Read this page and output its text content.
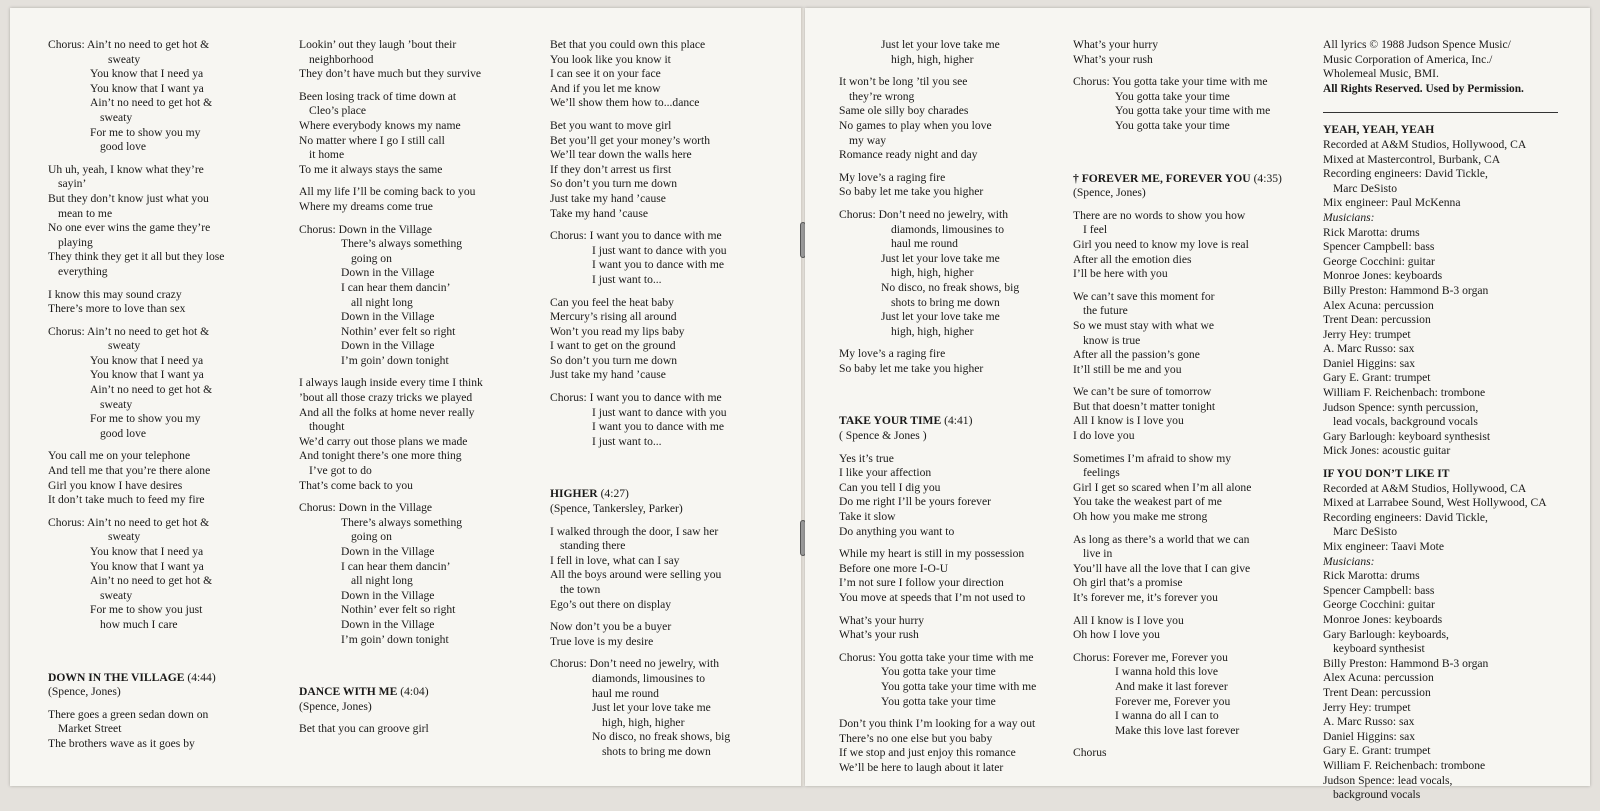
Chorus: Ain’t no need to get hot &
sweaty
You know that I need ya
You know that I want ya
Ain’t no need to get hot &
sweaty
For me to show you my
good love
Uh uh, yeah, I know what they’re
sayin’
But they don’t know just what you
mean to me
No one ever wins the game they’re
playing
They think they get it all but they lose
everything
I know this may sound crazy
There’s more to love than sex
Chorus: Ain’t no need to get hot &
sweaty
You know that I need ya
You know that I want ya
Ain’t no need to get hot &
sweaty
For me to show you my
good love
You call me on your telephone
And tell me that you’re there alone
Girl you know I have desires
It don’t take much to feed my fire
Chorus: Ain’t no need to get hot &
sweaty
You know that I need ya
You know that I want ya
Ain’t no need to get hot &
sweaty
For me to show you just
how much I care
DOWN IN THE VILLAGE (4:44)
(Spence, Jones)
There goes a green sedan down on
Market Street
The brothers wave as it goes by
Lookin’ out they laugh ’bout their
neighborhood
They don’t have much but they survive
Been losing track of time down at
Cleo’s place
Where everybody knows my name
No matter where I go I still call
it home
To me it always stays the same
All my life I’ll be coming back to you
Where my dreams come true
Chorus: Down in the Village
There’s always something
going on
Down in the Village
I can hear them dancin’
all night long
Down in the Village
Nothin’ ever felt so right
Down in the Village
I’m goin’ down tonight
I always laugh inside every time I think
’bout all those crazy tricks we played
And all the folks at home never really
thought
We’d carry out those plans we made
And tonight there’s one more thing
I’ve got to do
That’s come back to you
Chorus: Down in the Village
There’s always something
going on
Down in the Village
I can hear them dancin’
all night long
Down in the Village
Nothin’ ever felt so right
Down in the Village
I’m goin’ down tonight
DANCE WITH ME (4:04)
(Spence, Jones)
Bet that you can groove girl
Bet that you could own this place
You look like you know it
I can see it on your face
And if you let me know
We’ll show them how to...dance
Bet you want to move girl
Bet you’ll get your money’s worth
We’ll tear down the walls here
If they don’t arrest us first
So don’t you turn me down
Just take my hand ’cause
Take my hand ’cause
Chorus: I want you to dance with me
I just want to dance with you
I want you to dance with me
I just want to...
Can you feel the heat baby
Mercury’s rising all around
Won’t you read my lips baby
I want to get on the ground
So don’t you turn me down
Just take my hand ’cause
Chorus: I want you to dance with me
I just want to dance with you
I want you to dance with me
I just want to...
HIGHER (4:27)
(Spence, Tankersley, Parker)
I walked through the door, I saw her
standing there
I fell in love, what can I say
All the boys around were selling you
the town
Ego’s out there on display
Now don’t you be a buyer
True love is my desire
Chorus: Don’t need no jewelry, with
diamonds, limousines to
haul me round
Just let your love take me
high, high, higher
No disco, no freak shows, big
shots to bring me down
Just let your love take me
high, high, higher
It won’t be long ’til you see
they’re wrong
Same ole silly boy charades
No games to play when you love
my way
Romance ready night and day
My love’s a raging fire
So baby let me take you higher
Chorus: Don’t need no jewelry, with
diamonds, limousines to
haul me round
Just let your love take me
high, high, higher
No disco, no freak shows, big
shots to bring me down
Just let your love take me
high, high, higher
My love’s a raging fire
So baby let me take you higher
TAKE YOUR TIME (4:41)
( Spence & Jones )
Yes it’s true
I like your affection
Can you tell I dig you
Do me right I’ll be yours forever
Take it slow
Do anything you want to
While my heart is still in my possession
Before one more I-O-U
I’m not sure I follow your direction
You move at speeds that I’m not used to
What’s your hurry
What’s your rush
Chorus: You gotta take your time with me
You gotta take your time
You gotta take your time with me
You gotta take your time
Don’t you think I’m looking for a way out
There’s no one else but you baby
If we stop and just enjoy this romance
We’ll be here to laugh about it later
What’s your hurry
What’s your rush
Chorus: You gotta take your time with me
You gotta take your time
You gotta take your time with me
You gotta take your time
† FOREVER ME, FOREVER YOU (4:35)
(Spence, Jones)
There are no words to show you how
I feel
Girl you need to know my love is real
After all the emotion dies
I’ll be here with you
We can’t save this moment for
the future
So we must stay with what we
know is true
After all the passion’s gone
It’ll still be me and you
We can’t be sure of tomorrow
But that doesn’t matter tonight
All I know is I love you
I do love you
Sometimes I’m afraid to show my
feelings
Girl I get so scared when I’m all alone
You take the weakest part of me
Oh how you make me strong
As long as there’s a world that we can
live in
You’ll have all the love that I can give
Oh girl that’s a promise
It’s forever me, it’s forever you
All I know is I love you
Oh how I love you
Chorus: Forever me, Forever you
I wanna hold this love
And make it last forever
Forever me, Forever you
I wanna do all I can to
Make this love last forever
Chorus
All lyrics © 1988 Judson Spence Music/
Music Corporation of America, Inc./
Wholemeal Music, BMI.
All Rights Reserved. Used by Permission.
YEAH, YEAH, YEAH
Recorded at A&M Studios, Hollywood, CA
Mixed at Mastercontrol, Burbank, CA
Recording engineers: David Tickle,
Marc DeSisto
Mix engineer: Paul McKenna
Musicians:
Rick Marotta: drums
Spencer Campbell: bass
George Cocchini: guitar
Monroe Jones: keyboards
Billy Preston: Hammond B-3 organ
Alex Acuna: percussion
Trent Dean: percussion
Jerry Hey: trumpet
A. Marc Russo: sax
Daniel Higgins: sax
Gary E. Grant: trumpet
William F. Reichenbach: trombone
Judson Spence: synth percussion,
lead vocals, background vocals
Gary Barlough: keyboard synthesist
Mick Jones: acoustic guitar
IF YOU DON’T LIKE IT
Recorded at A&M Studios, Hollywood, CA
Mixed at Larrabee Sound, West Hollywood, CA
Recording engineers: David Tickle,
Marc DeSisto
Mix engineer: Taavi Mote
Musicians:
Rick Marotta: drums
Spencer Campbell: bass
George Cocchini: guitar
Monroe Jones: keyboards
Gary Barlough: keyboards,
keyboard synthesist
Billy Preston: Hammond B-3 organ
Alex Acuna: percussion
Trent Dean: percussion
Jerry Hey: trumpet
A. Marc Russo: sax
Daniel Higgins: sax
Gary E. Grant: trumpet
William F. Reichenbach: trombone
Judson Spence: lead vocals,
background vocals
